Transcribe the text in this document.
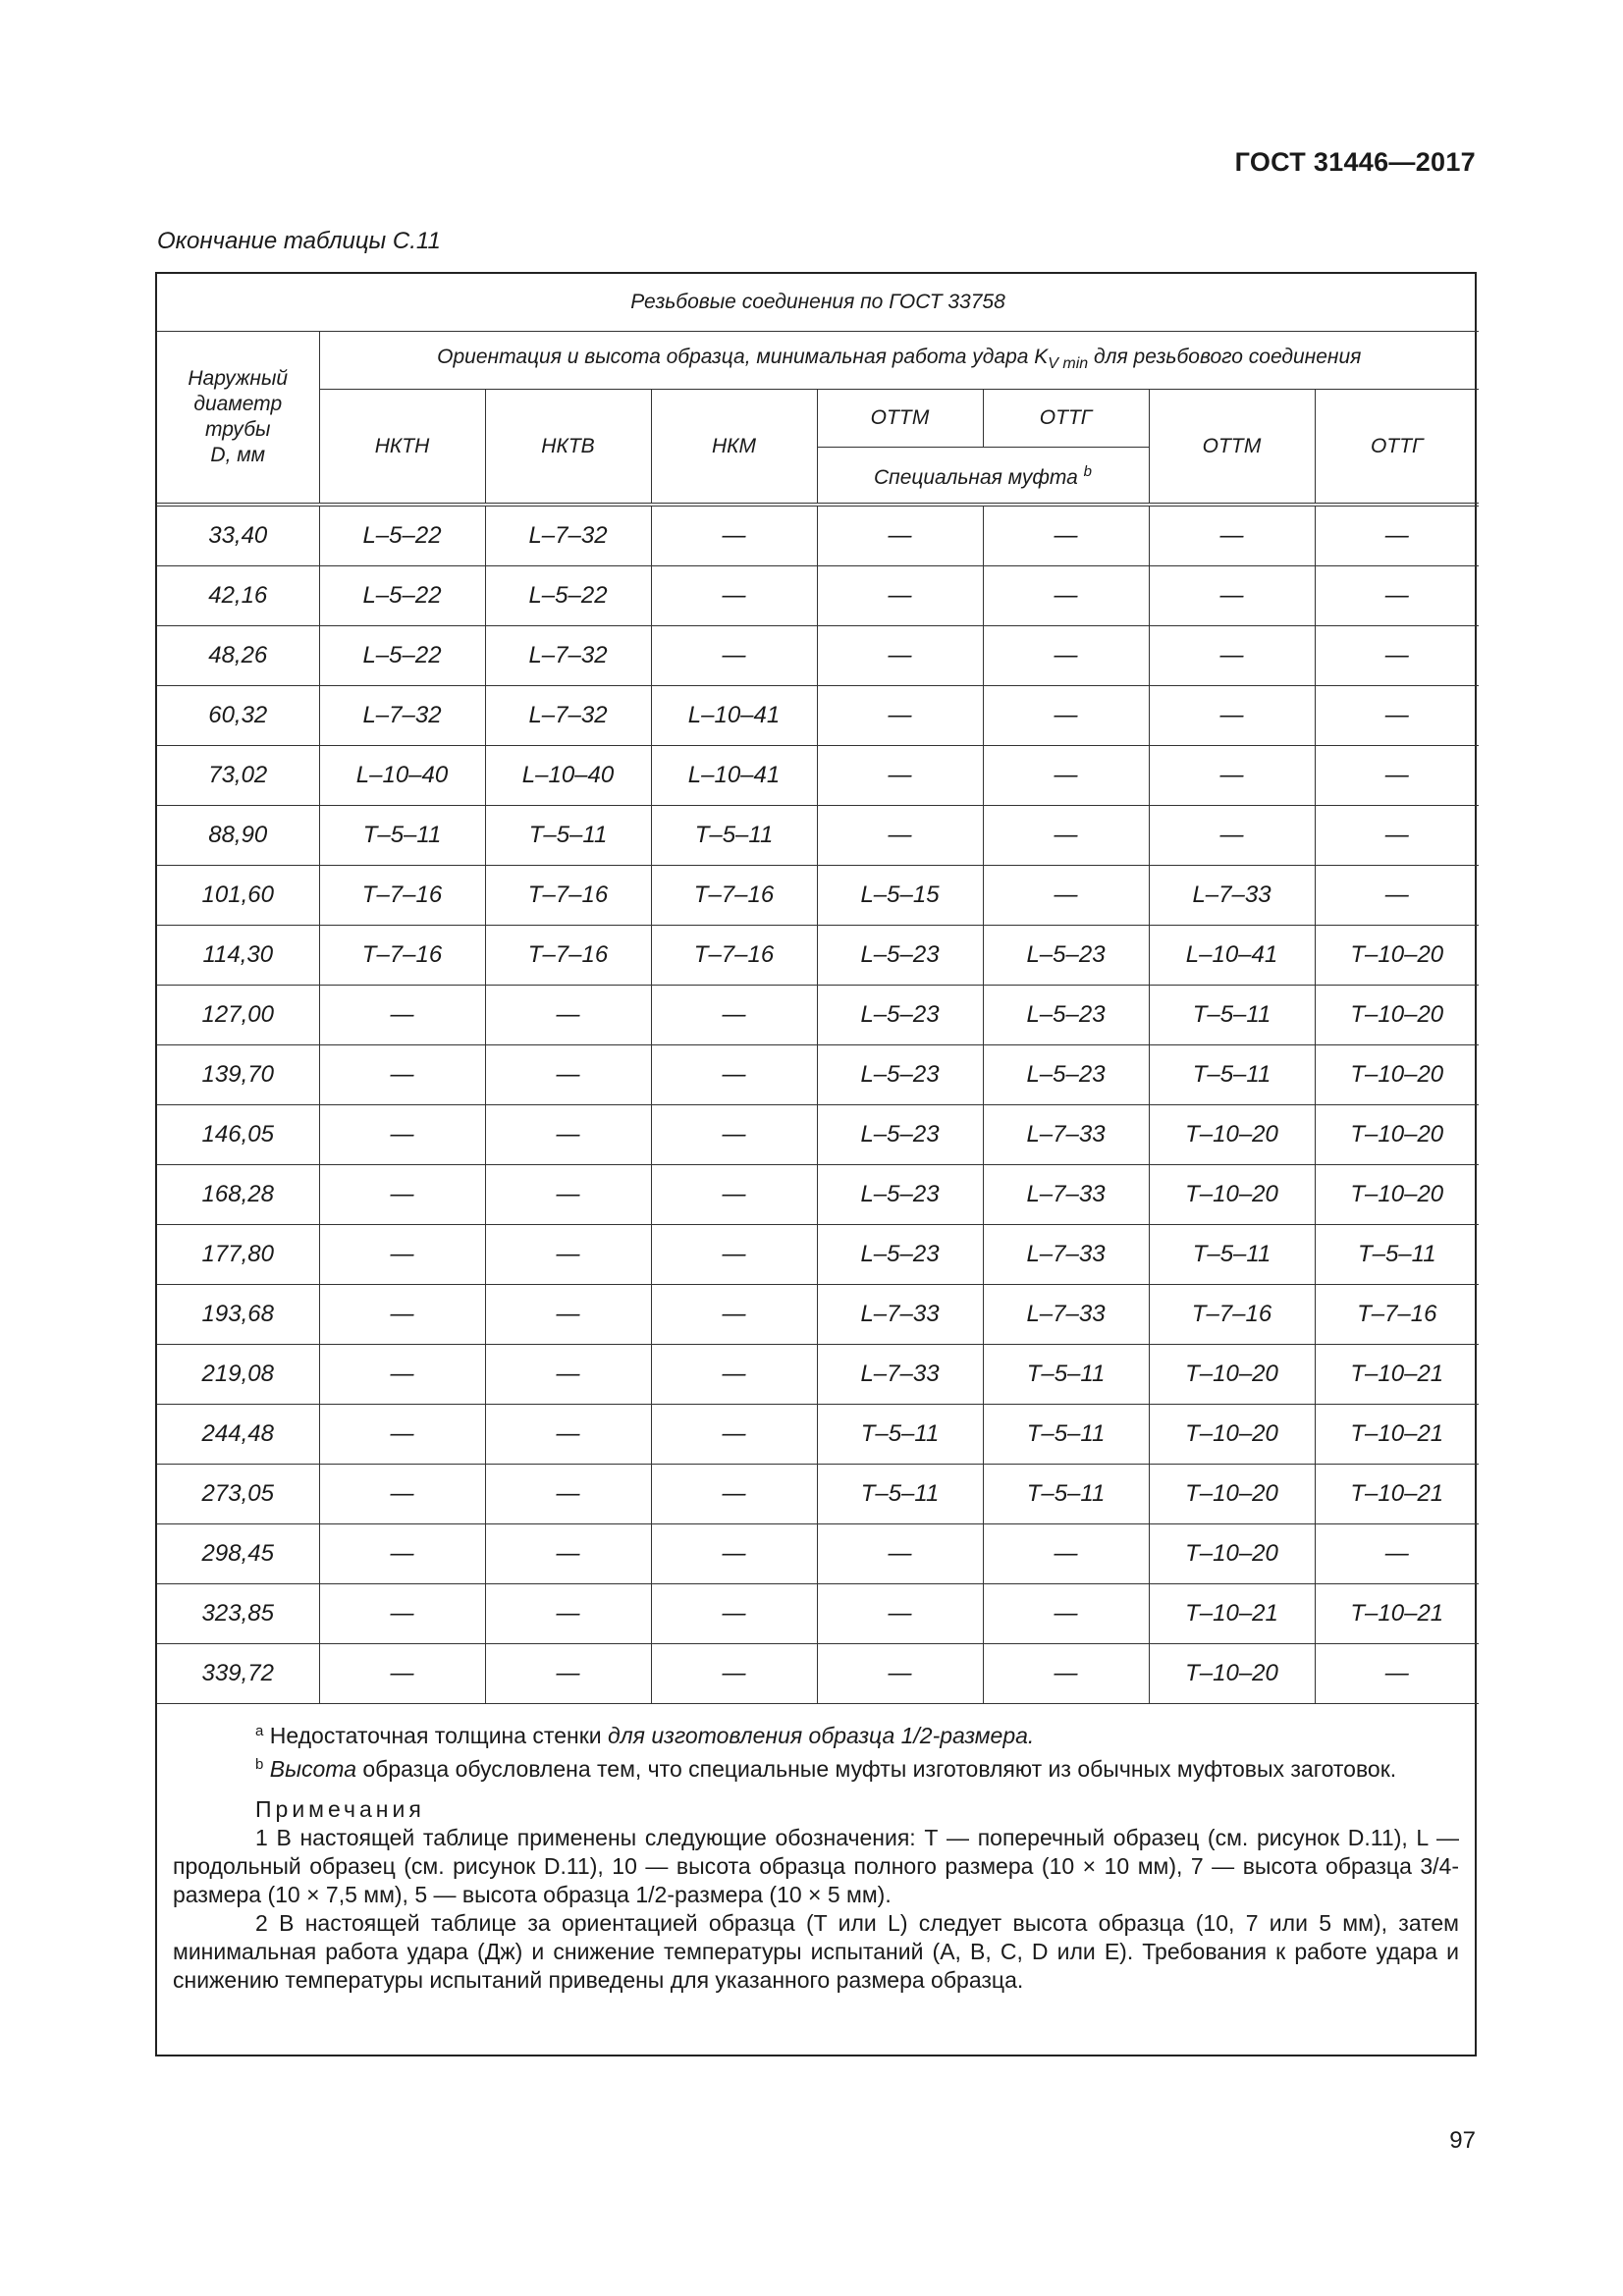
ГОСТ 31446—2017
Окончание таблицы С.11
Резьбовые соединения по ГОСТ 33758							
Наружный
диаметр
трубы
D, мм	Ориентация и высота образца, минимальная работа удара $K_{V min}$ для резьбового соединения						
	НКТН	НКТВ	НКМ	ОТТМ	ОТТГ	ОТТМ	ОТТГ
				Специальная муфта $^b$
33,40	L–5–22	L–7–32	—	—	—	—	—
42,16	L–5–22	L–5–22	—	—	—	—	—
48,26	L–5–22	L–7–32	—	—	—	—	—
60,32	L–7–32	L–7–32	L–10–41	—	—	—	—
73,02	L–10–40	L–10–40	L–10–41	—	—	—	—
88,90	T–5–11	T–5–11	T–5–11	—	—	—	—
101,60	T–7–16	T–7–16	T–7–16	L–5–15	—	L–7–33	—
114,30	T–7–16	T–7–16	T–7–16	L–5–23	L–5–23	L–10–41	T–10–20
127,00	—	—	—	L–5–23	L–5–23	T–5–11	T–10–20
139,70	—	—	—	L–5–23	L–5–23	T–5–11	T–10–20
146,05	—	—	—	L–5–23	L–7–33	T–10–20	T–10–20
168,28	—	—	—	L–5–23	L–7–33	T–10–20	T–10–20
177,80	—	—	—	L–5–23	L–7–33	T–5–11	T–5–11
193,68	—	—	—	L–7–33	L–7–33	T–7–16	T–7–16
219,08	—	—	—	L–7–33	T–5–11	T–10–20	T–10–21
244,48	—	—	—	T–5–11	T–5–11	T–10–20	T–10–21
273,05	—	—	—	T–5–11	T–5–11	T–10–20	T–10–21
298,45	—	—	—	—	—	T–10–20	—
323,85	—	—	—	—	—	T–10–21	T–10–21
339,72	—	—	—	—	—	T–10–20	—

$^a$ Недостаточная толщина стенки для изготовления образца 1/2-размера.

$^b$ Высота образца обусловлена тем, что специальные муфты изготовляют из обычных муфтовых заготовок.

Примечания

1 В настоящей таблице применены следующие обозначения: Т — поперечный образец (см. рисунок D.11), L — продольный образец (см. рисунок D.11), 10 — высота образца полного размера (10 × 10 мм), 7 — высота образца 3/4-размера (10 × 7,5 мм), 5 — высота образца 1/2-размера (10 × 5 мм).

2 В настоящей таблице за ориентацией образца (T или L) следует высота образца (10, 7 или 5 мм), затем минимальная работа удара (Дж) и снижение температуры испытаний (А, В, С, D или Е). Требования к работе удара и снижению температуры испытаний приведены для указанного размера образца.

97
